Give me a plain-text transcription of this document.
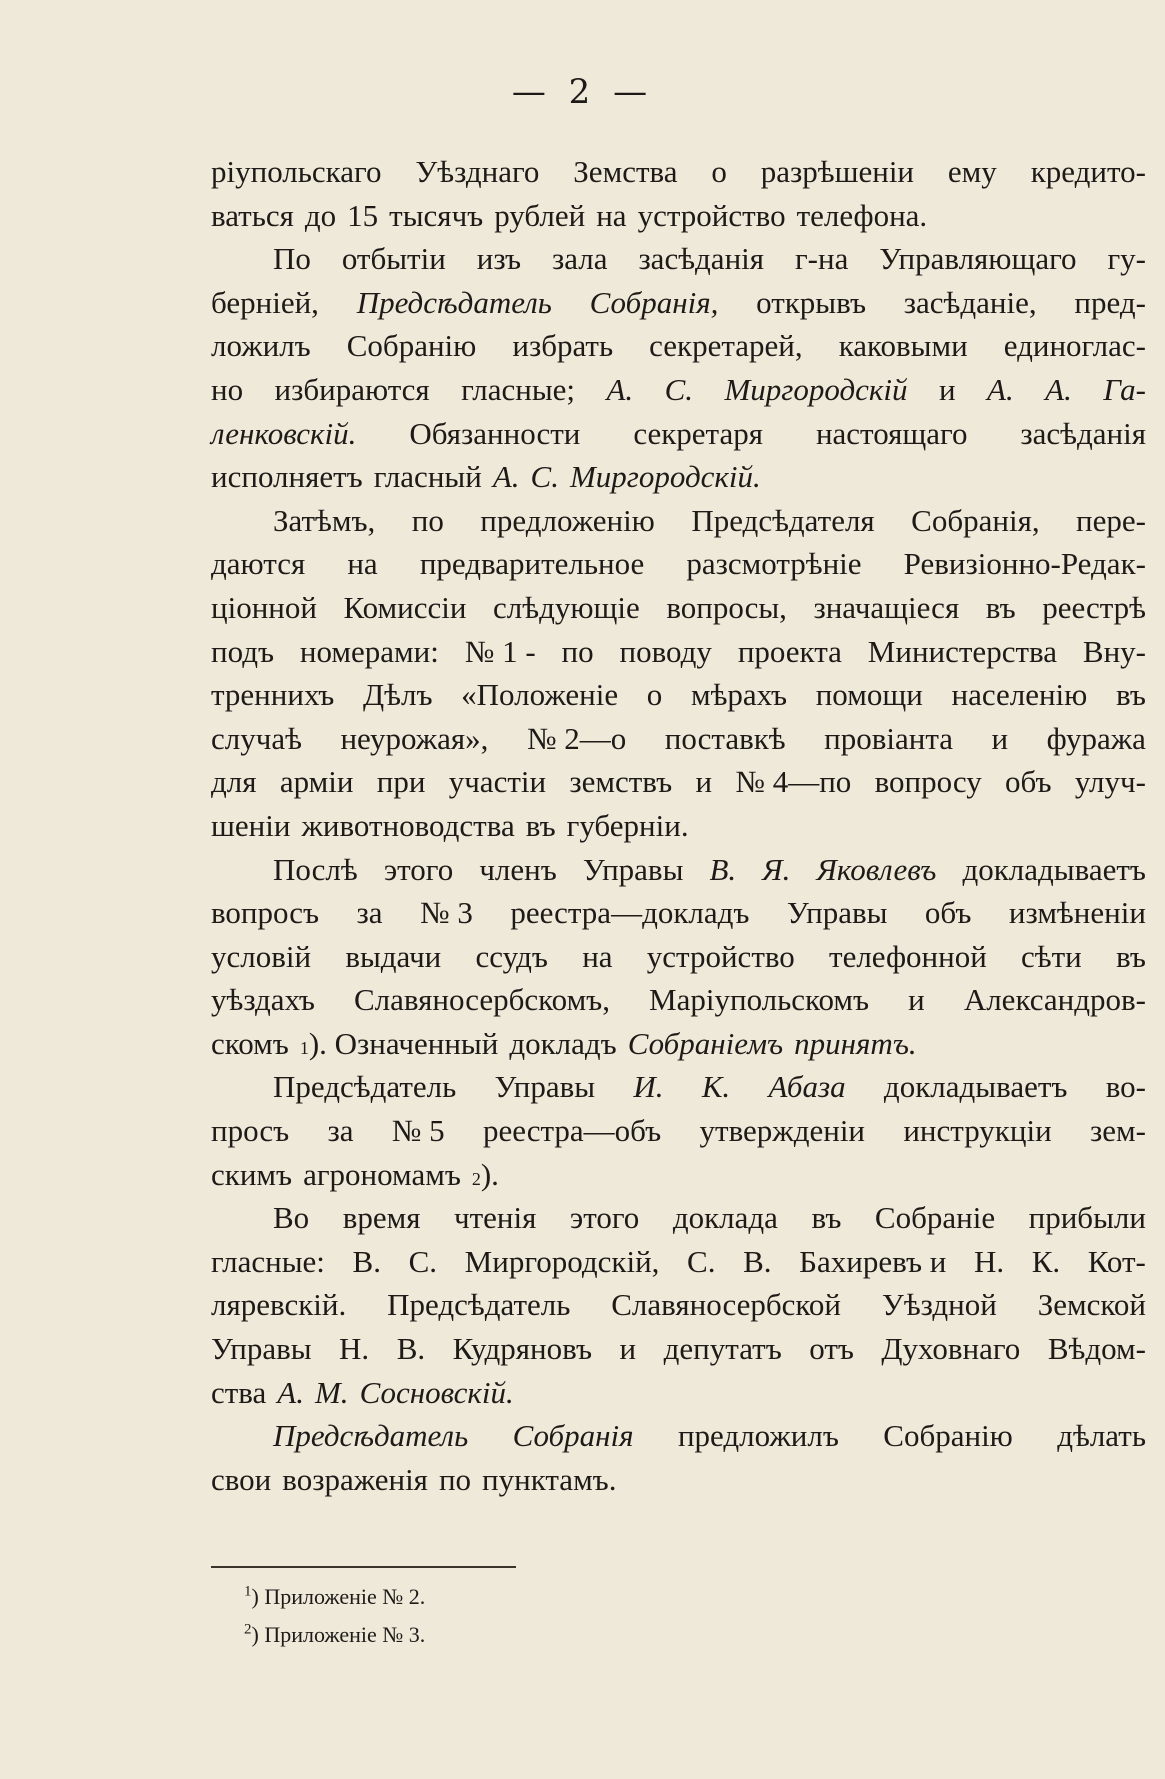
— 2 —
ріупольскаго Уѣзднаго Земства о разрѣшеніи ему кредито-
ваться до 15 тысячъ рублей на устройство телефона.
По отбытіи изъ зала засѣданія г-на Управляющаго гу-
берніей, Предсѣдатель Собранія, открывъ засѣданіе, пред-
ложилъ Собранію избрать секретарей, каковыми единоглас-
но избираются гласные; А. С. Миргородскій и А. А. Га-
ленковскій. Обязанности секретаря настоящаго засѣданія
исполняетъ гласный А. С. Миргородскій.
Затѣмъ, по предложенію Предсѣдателя Собранія, пере-
даются на предварительное разсмотрѣніе Ревизіонно-Редак-
ціонной Комиссіи слѣдующіе вопросы, значащіеся въ реестрѣ
подъ номерами: № 1 - по поводу проекта Министерства Вну-
треннихъ Дѣлъ «Положеніе о мѣрахъ помощи населенію въ
случаѣ неурожая», № 2—о поставкѣ провіанта и фуража
для арміи при участіи земствъ и № 4—по вопросу объ улуч-
шеніи животноводства въ губерніи.
Послѣ этого членъ Управы В. Я. Яковлевъ докладываетъ
вопросъ за № 3 реестра—докладъ Управы объ измѣненіи
условій выдачи ссудъ на устройство телефонной сѣти въ
уѣздахъ Славяносербскомъ, Маріупольскомъ и Александров-
скомъ 1 ). Означенный докладъ Собраніемъ принятъ.
Предсѣдатель Управы И. К. Абаза докладываетъ во-
просъ за № 5 реестра—объ утвержденіи инструкціи зем-
скимъ агрономамъ 2 ).
Во время чтенія этого доклада въ Собраніе прибыли
гласные: В. С. Миргородскій, С. В. Бахиревъ и Н. К. Кот-
ляревскій. Предсѣдатель Славяносербской Уѣздной Земской
Управы Н. В. Кудряновъ и депутатъ отъ Духовнаго Вѣдом-
ства А. М. Сосновскій.
Предсѣдатель Собранія предложилъ Собранію дѣлать
свои возраженія по пунктамъ.
$^1$) Приложеніе № 2.
$^2$) Приложеніе № 3.
